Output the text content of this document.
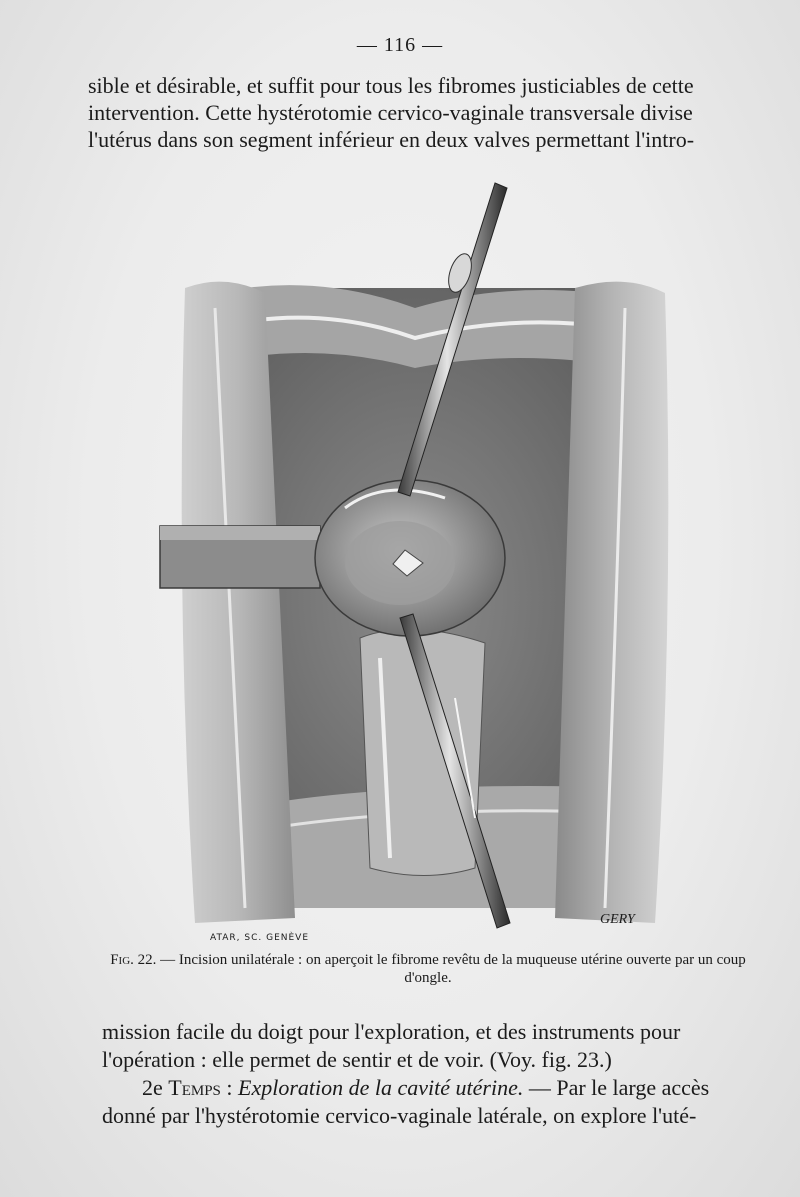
— 116 —
sible et désirable, et suffit pour tous les fibromes justiciables de cette
intervention. Cette hystérotomie cervico-vaginale transversale divise
l'utérus dans son segment inférieur en deux valves permettant l'intro-
ATAR, SC. GENÈVE
GERY
Fig. 22. — Incision unilatérale : on aperçoit le fibrome revêtu de la muqueuse utérine ouverte par un coup d'ongle.
mission facile du doigt pour l'exploration, et des instruments pour
l'opération : elle permet de sentir et de voir. (Voy. fig. 23.)
2e Temps : Exploration de la cavité utérine. — Par le large accès
donné par l'hystérotomie cervico-vaginale latérale, on explore l'uté-
